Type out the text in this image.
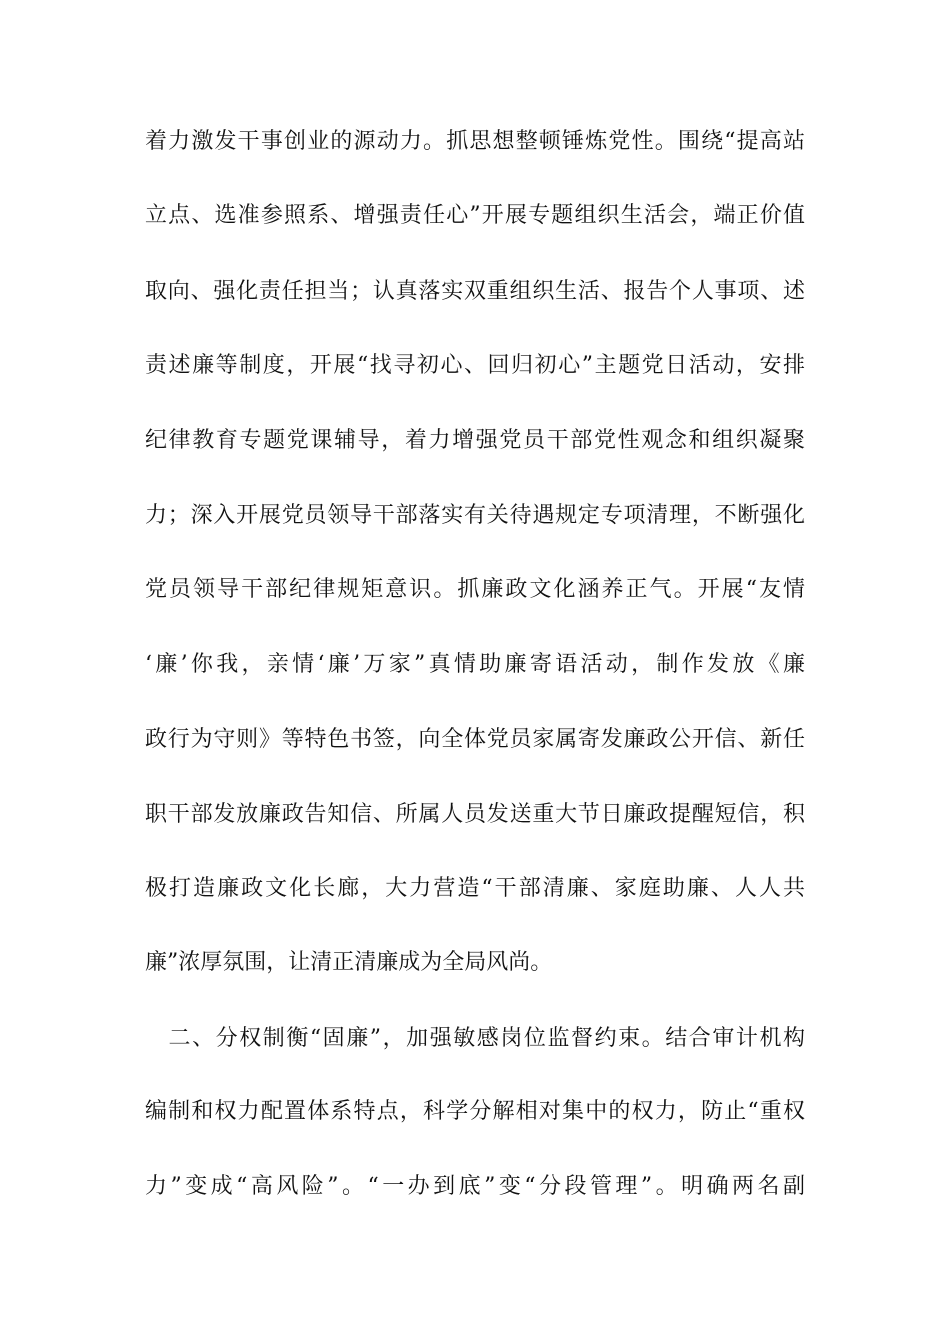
着力激发干事创业的源动力。抓思想整顿锤炼党性。围绕“提高站
立点、选准参照系、增强责任心”开展专题组织生活会，端正价值
取向、强化责任担当；认真落实双重组织生活、报告个人事项、述
责述廉等制度，开展“找寻初心、回归初心”主题党日活动，安排
纪律教育专题党课辅导，着力增强党员干部党性观念和组织凝聚
力；深入开展党员领导干部落实有关待遇规定专项清理，不断强化
党员领导干部纪律规矩意识。抓廉政文化涵养正气。开展“友情
‘廉’你我，亲情‘廉’万家”真情助廉寄语活动，制作发放《廉
政行为守则》等特色书签，向全体党员家属寄发廉政公开信、新任
职干部发放廉政告知信、所属人员发送重大节日廉政提醒短信，积
极打造廉政文化长廊，大力营造“干部清廉、家庭助廉、人人共
廉”浓厚氛围，让清正清廉成为全局风尚。
　二、分权制衡“固廉”，加强敏感岗位监督约束。结合审计机构
编制和权力配置体系特点，科学分解相对集中的权力，防止“重权
力”变成“高风险”。“一办到底”变“分段管理”。明确两名副
